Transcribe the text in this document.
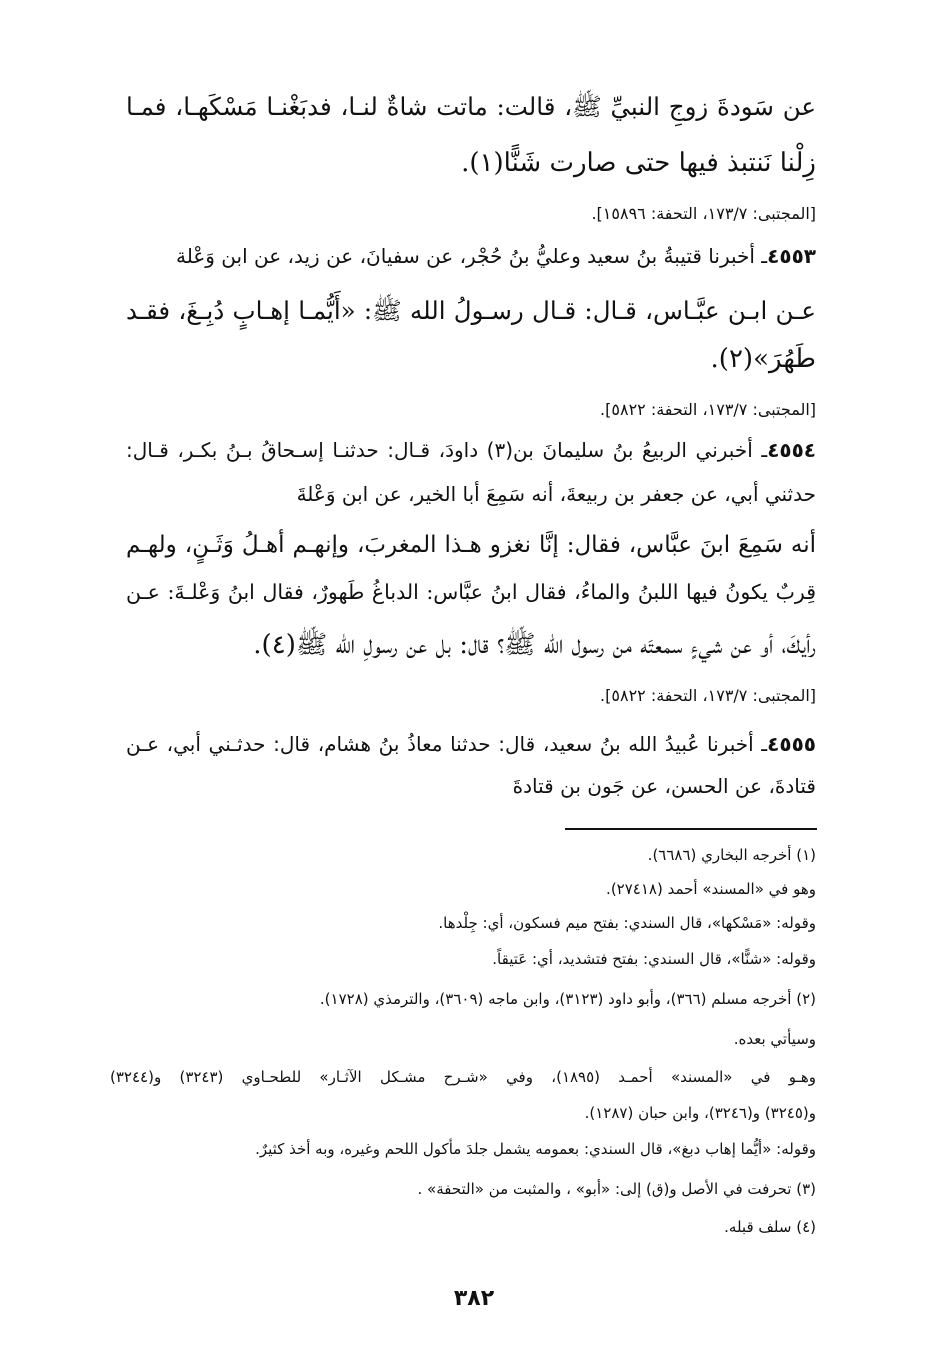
عن سَودةَ زوجِ النبيِّ ﷺ، قالت: ماتت شاةٌ لنـا، فدبَغْنـا مَسْكَهـا، فمـا
زِلْنا نَنتبذ فيها حتى صارت شَنًّا(١).
[المجتبى: ١٧٣/٧، التحفة: ١٥٨٩٦].
٤٥٥٣ـ أخبرنا قتيبةُ بنُ سعيد وعليُّ بنُ حُجْر، عن سفيانَ، عن زيد، عن ابن وَعْلة
عـن ابـن عبَّـاس، قـال: قـال رسـولُ الله ﷺ: «أَيُّمـا إهـابٍ دُبِـغَ، فقـد
طَهُرَ»(٢).
[المجتبى: ١٧٣/٧، التحفة: ٥٨٢٢].
٤٥٥٤ـ أخبرني الربيعُ بنُ سليمانَ بن(٣) داودَ، قـال: حدثنـا إسـحاقُ بـنُ بكـر، قـال:
حدثني أبي، عن جعفر بن ربيعةَ، أنه سَمِعَ أبا الخير، عن ابن وَعْلةَ
أنه سَمِعَ ابنَ عبَّاس، فقال: إنَّا نغزو هـذا المغربَ، وإنهـم أهـلُ وَثَـنٍ، ولهـم
قِربٌ يكونُ فيها اللبنُ والماءُ، فقال ابنُ عبَّاس: الدباغُ طَهورٌ، فقال ابنُ وَعْلـةَ: عـن
رأيكَ، أو عن شيءٍ سمعتَه من رسول الله ﷺ؟ قال: بل عن رسولِ الله ﷺ(٤).
[المجتبى: ١٧٣/٧، التحفة: ٥٨٢٢].
٤٥٥٥ـ أخبرنا عُبيدُ الله بنُ سعيد، قال: حدثنا معاذُ بنُ هشام، قال: حدثـني أبي، عـن
قتادةَ، عن الحسن، عن جَون بن قتادةَ
(١) أخرجه البخاري (٦٦٨٦).
وهو في «المسند» أحمد (٢٧٤١٨).
وقوله: «مَسْكها»، قال السندي: بفتح ميم فسكون، أي: جِلْدها.
وقوله: «شنًّا»، قال السندي: بفتح فتشديد، أي: عَتيقاً.
(٢) أخرجه مسلم (٣٦٦)، وأبو داود (٣١٢٣)، وابن ماجه (٣٦٠٩)، والترمذي (١٧٢٨).
وسيأتي بعده.
وهـو في «المسند» أحمـد (١٨٩٥)، وفي «شـرح مشـكل الآثـار» للطحـاوي (٣٢٤٣) و(٣٢٤٤)
و(٣٢٤٥) و(٣٢٤٦)، وابن حبان (١٢٨٧).
وقوله: «أيُّما إهاب دبغ»، قال السندي: بعمومه يشمل جلدَ مأكول اللحم وغيره، وبه أخذ كثيرٌ.
(٣) تحرفت في الأصل و(ق) إلى: «أبو» ، والمثبت من «التحفة» .
(٤) سلف قبله.
٣٨٢
